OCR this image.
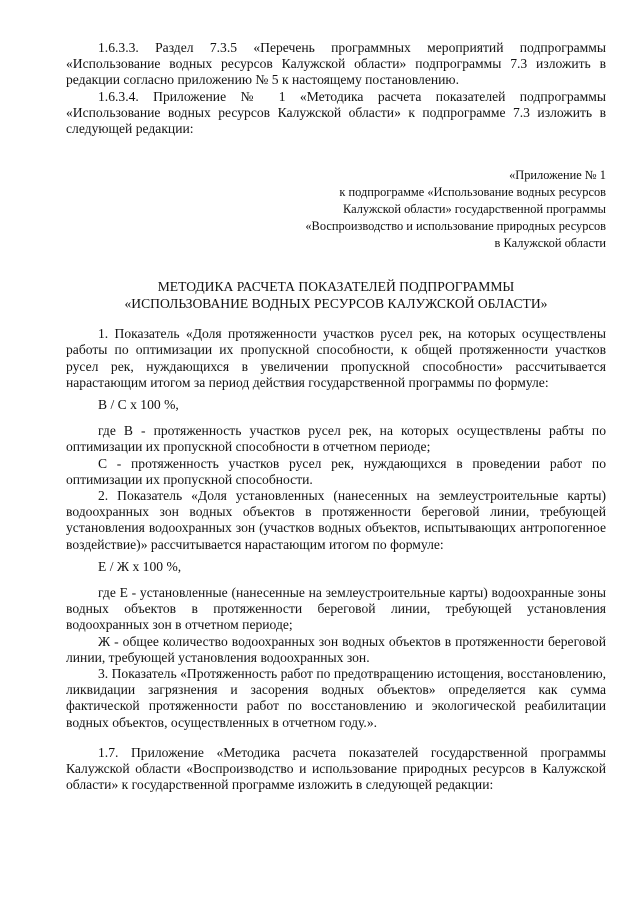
1.6.3.3. Раздел 7.3.5 «Перечень программных мероприятий подпрограммы «Использование водных ресурсов Калужской области» подпрограммы 7.3 изложить в редакции согласно приложению № 5 к настоящему постановлению.

1.6.3.4. Приложение № 1 «Методика расчета показателей подпрограммы «Использование водных ресурсов Калужской области» к подпрограмме 7.3 изложить в следующей редакции:

«Приложение № 1
к подпрограмме «Использование водных ресурсов
Калужской области» государственной программы
«Воспроизводство и использование природных ресурсов
в Калужской области
МЕТОДИКА РАСЧЕТА ПОКАЗАТЕЛЕЙ ПОДПРОГРАММЫ
«ИСПОЛЬЗОВАНИЕ ВОДНЫХ РЕСУРСОВ КАЛУЖСКОЙ ОБЛАСТИ»

1. Показатель «Доля протяженности участков русел рек, на которых осуществлены работы по оптимизации их пропускной способности, к общей протяженности участков русел рек, нуждающихся в увеличении пропускной способности» рассчитывается нарастающим итогом за период действия государственной программы по формуле:

В / С х 100 %,

где В - протяженность участков русел рек, на которых осуществлены рабты по оптимизации их пропускной способности в отчетном периоде;

С - протяженность участков русел рек, нуждающихся в проведении работ по оптимизации их пропускной способности.

2. Показатель «Доля установленных (нанесенных на землеустроительные карты) водоохранных зон водных объектов в протяженности береговой линии, требующей установления водоохранных зон (участков водных объектов, испытывающих антропогенное воздействие)» рассчитывается нарастающим итогом по формуле:

Е / Ж х 100 %,

где Е - установленные (нанесенные на землеустроительные карты) водоохранные зоны водных объектов в протяженности береговой линии, требующей установления водоохранных зон в отчетном периоде;

Ж - общее количество водоохранных зон водных объектов в протяженности береговой линии, требующей установления водоохранных зон.

3. Показатель «Протяженность работ по предотвращению истощения, восстановлению, ликвидации загрязнения и засорения водных объектов» определяется как сумма фактической протяженности работ по восстановлению и экологической реабилитации водных объектов, осуществленных в отчетном году.».

1.7. Приложение «Методика расчета показателей государственной программы Калужской области «Воспроизводство и использование природных ресурсов в Калужской области» к государственной программе изложить в следующей редакции:
